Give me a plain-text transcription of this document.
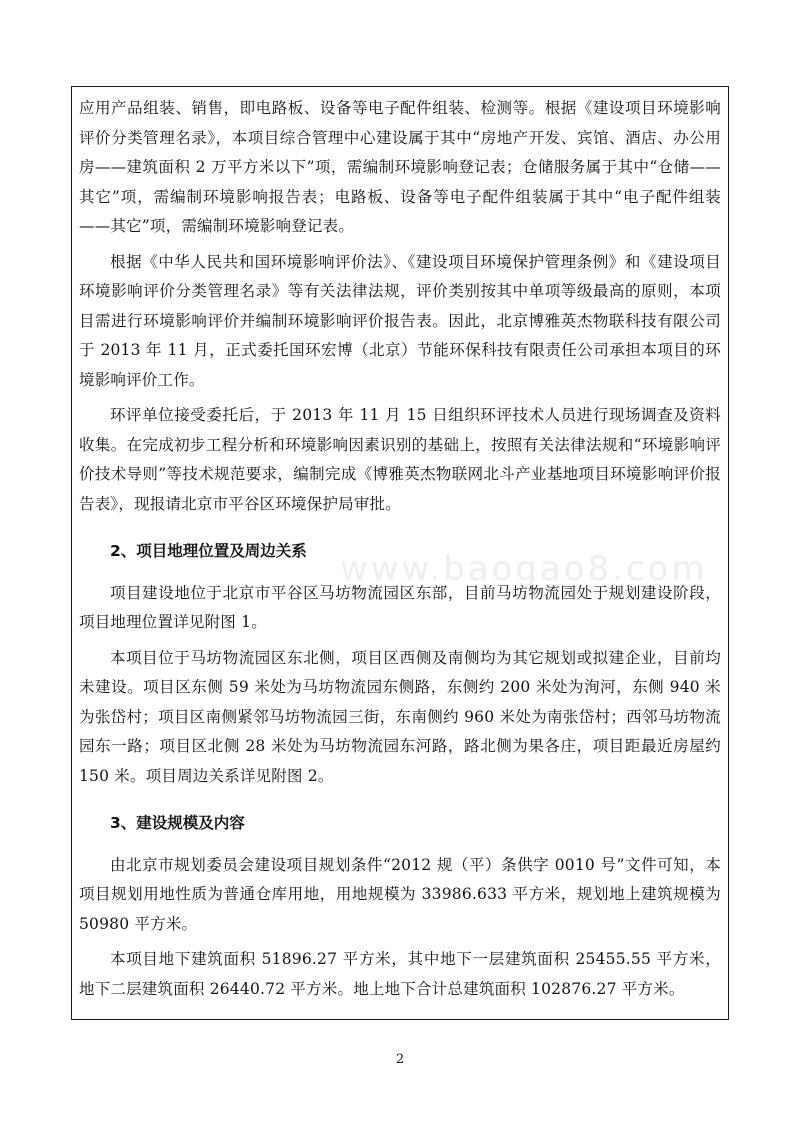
www.baogao8.com

应用产品组装、销售，即电路板、设备等电子配件组装、检测等。根据《建设项目环境影响评价分类管理名录》，本项目综合管理中心建设属于其中“房地产开发、宾馆、酒店、办公用房——建筑面积 2 万平方米以下”项，需编制环境影响登记表；仓储服务属于其中“仓储——其它”项，需编制环境影响报告表；电路板、设备等电子配件组装属于其中“电子配件组装——其它”项，需编制环境影响登记表。

根据《中华人民共和国环境影响评价法》、《建设项目环境保护管理条例》和《建设项目环境影响评价分类管理名录》等有关法律法规，评价类别按其中单项等级最高的原则，本项目需进行环境影响评价并编制环境影响评价报告表。因此，北京博雅英杰物联科技有限公司于 2013 年 11 月，正式委托国环宏博（北京）节能环保科技有限责任公司承担本项目的环境影响评价工作。

环评单位接受委托后，于 2013 年 11 月 15 日组织环评技术人员进行现场调查及资料收集。在完成初步工程分析和环境影响因素识别的基础上，按照有关法律法规和“环境影响评价技术导则”等技术规范要求，编制完成《博雅英杰物联网北斗产业基地项目环境影响评价报告表》，现报请北京市平谷区环境保护局审批。

2、项目地理位置及周边关系

项目建设地位于北京市平谷区马坊物流园区东部，目前马坊物流园处于规划建设阶段，项目地理位置详见附图 1。

本项目位于马坊物流园区东北侧，项目区西侧及南侧均为其它规划或拟建企业，目前均未建设。项目区东侧 59 米处为马坊物流园东侧路，东侧约 200 米处为洵河，东侧 940 米为张岱村；项目区南侧紧邻马坊物流园三街，东南侧约 960 米处为南张岱村；西邻马坊物流园东一路；项目区北侧 28 米处为马坊物流园东河路，路北侧为果各庄，项目距最近房屋约 150 米。项目周边关系详见附图 2。

3、建设规模及内容

由北京市规划委员会建设项目规划条件“2012 规（平）条供字 0010 号”文件可知，本项目规划用地性质为普通仓库用地，用地规模为 33986.633 平方米，规划地上建筑规模为 50980 平方米。

本项目地下建筑面积 51896.27 平方米，其中地下一层建筑面积 25455.55 平方米，地下二层建筑面积 26440.72 平方米。地上地下合计总建筑面积 102876.27 平方米。

2
